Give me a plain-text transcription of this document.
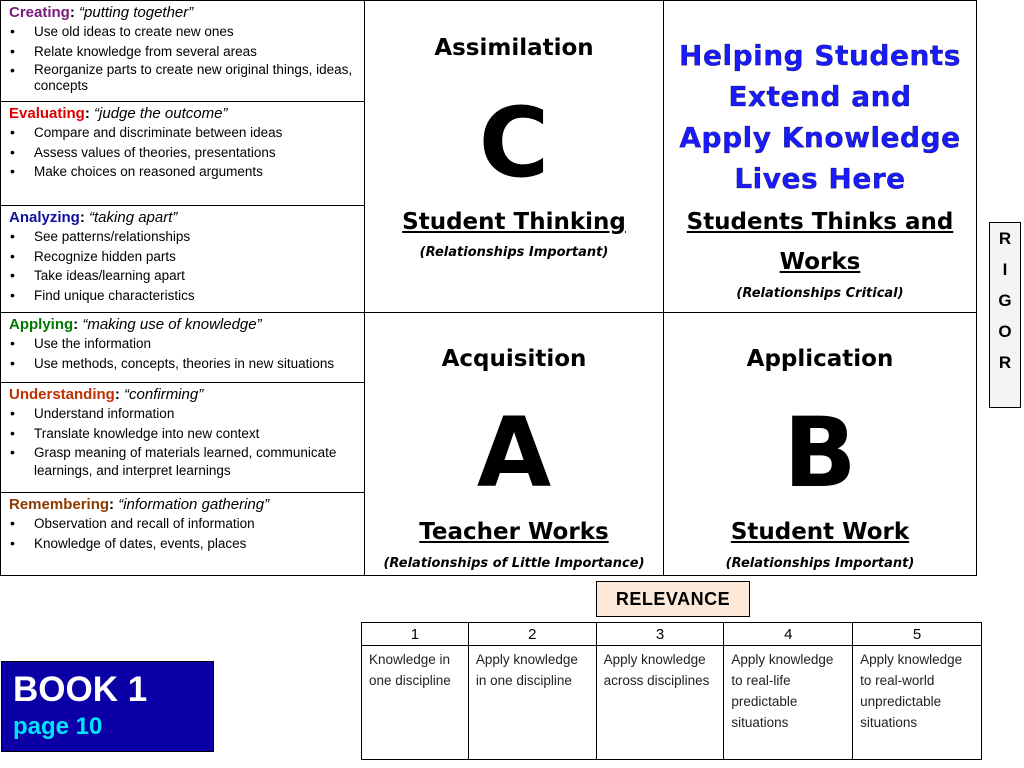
Creating: “putting together”
• Use old ideas to create new ones
• Relate knowledge from several areas
• Reorganize parts to create new original things, ideas, concepts
Evaluating: “judge the outcome”
• Compare and discriminate between ideas
• Assess values of theories, presentations
• Make choices on reasoned arguments
Analyzing: “taking apart”
• See patterns/relationships
• Recognize hidden parts
• Take ideas/learning apart
• Find unique characteristics
Applying: “making use of knowledge”
• Use the information
• Use methods, concepts, theories in new situations
Understanding: “confirming”
• Understand information
• Translate knowledge into new context
• Grasp meaning of materials learned, communicate learnings, and interpret learnings
Remembering: “information gathering”
• Observation and recall of information
• Knowledge of dates, events, places
Assimilation
C
Student Thinking
(Relationships Important)
Helping Students
Extend and
Apply Knowledge
Lives Here
Students Thinks and
Works
(Relationships Critical)
Acquisition
A
Teacher Works
(Relationships of Little Importance)
Application
B
Student Work
(Relationships Important)
R
I
G
O
R
RELEVANCE
1	2	3	4	5
Knowledge in one discipline	Apply knowledge in one discipline	Apply knowledge across disciplines	Apply knowledge to real-life predictable situations	Apply knowledge to real-world unpredictable situations
BOOK 1
page 10
